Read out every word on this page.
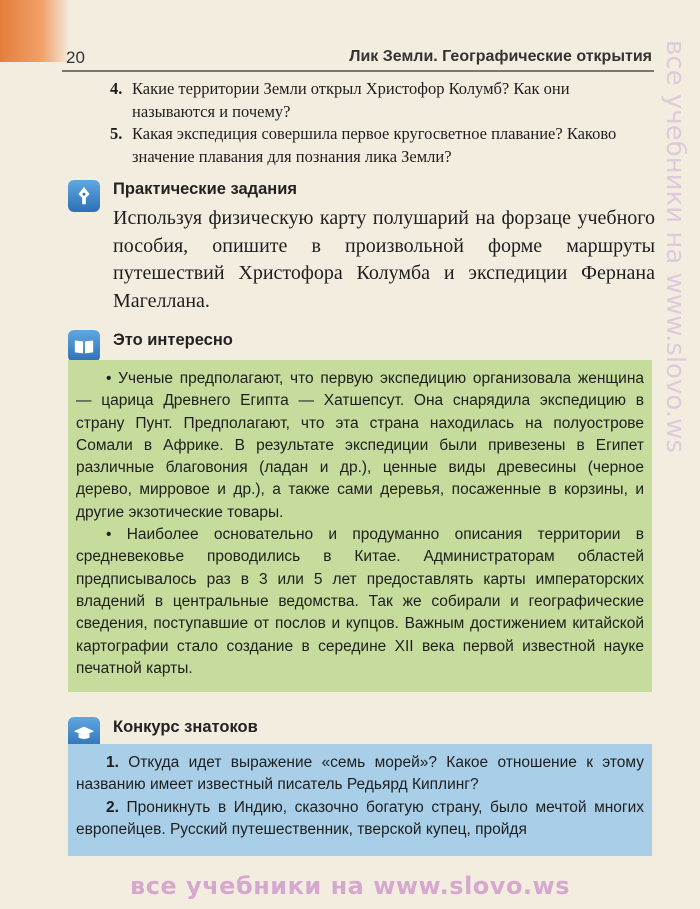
20	Лик Земли. Географические открытия
4. Какие территории Земли открыл Христофор Колумб? Как они называются и почему?
5. Какая экспедиция совершила первое кругосветное плавание? Каково значение плавания для познания лика Земли?
Практические задания
Используя физическую карту полушарий на форзаце учебного пособия, опишите в произвольной форме маршруты путешествий Христофора Колумба и экспедиции Фернана Магеллана.
Это интересно

• Ученые предполагают, что первую экспедицию организовала женщина — царица Древнего Египта — Хатшепсут. Она снарядила экспедицию в страну Пунт. Предполагают, что эта страна находилась на полуострове Сомали в Африке. В результате экспедиции были привезены в Египет различные благовония (ладан и др.), ценные виды древесины (черное дерево, мирровое и др.), а также сами деревья, посаженные в корзины, и другие экзотические товары.

• Наиболее основательно и продуманно описания территории в средневековье проводились в Китае. Администраторам областей предписывалось раз в 3 или 5 лет предоставлять карты императорских владений в центральные ведомства. Так же собирали и географические сведения, поступавшие от послов и купцов. Важным достижением китайской картографии стало создание в середине XII века первой известной науке печатной карты.

Конкурс знатоков

1. Откуда идет выражение «семь морей»? Какое отношение к этому названию имеет известный писатель Редьярд Киплинг?

2. Проникнуть в Индию, сказочно богатую страну, было мечтой многих европейцев. Русский путешественник, тверской купец, пройдя

все учебники на www.slovo.ws
все учебники на www.slovo.ws
